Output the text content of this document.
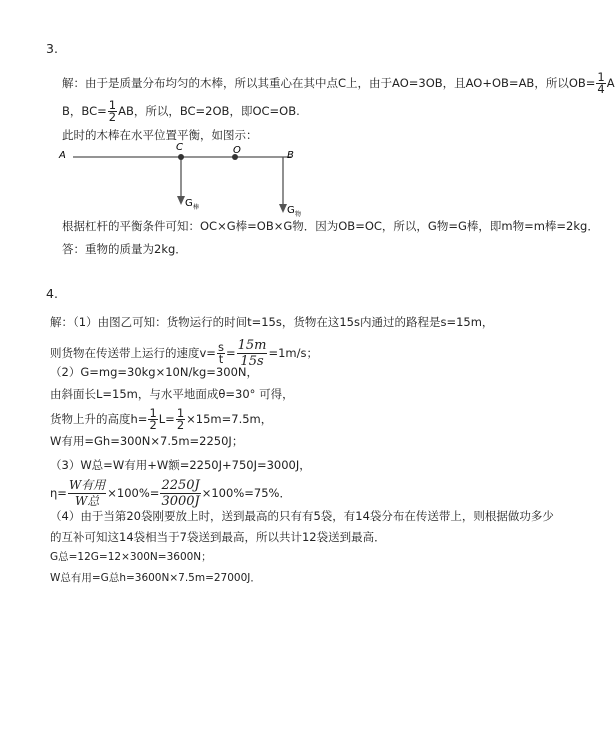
3.
解：由于是质量分布均匀的木棒，所以其重心在其中点C上，由于AO=3OB，且AO+OB=AB，所以$OB= \frac{1}{4}$ A
B，$BC= \frac{1}{2}$ AB，所以，BC=2OB，即OC=OB.
此时的木棒在水平位置平衡，如图示：
A
C	O	B
G 棒	G 物
根据杠杆的平衡条件可知：OC×G棒=OB×G物．因为OB=OC，所以，G物=G棒，即m物=m棒=2kg．
答：重物的质量为2kg．
4.
解：（1）由图乙可知：货物运行的时间t=15s，货物在这15s内通过的路程是s=15m，
则货物在传送带上运行的速度$v= \frac{s}{t} = \frac{15m}{15s} =1m/s$；
（2）G=mg=30kg×10N/kg=300N，
由斜面长L=15m，与水平地面成θ=30° 可得，
货物上升的高度$h= \frac{1}{2} L= \frac{1}{2} \times 15m=7.5m$，
W有用=Gh=300N×7.5m=2250J；
（3）W总=W有用+W额=2250J+750J=3000J，
$\eta= \frac{\text{W有用}}{\text{W总}} \times 100\%= \frac{2250J}{3000J} \times 100\%=75\%$．
（4）由于当第20袋刚要放上时，送到最高的只有有5袋，有14袋分布在传送带上，则根据做功多少
的互补可知这14袋相当于7袋送到最高，所以共计12袋送到最高．
G总=12G=12×300N=3600N；
W总有用=G总h=3600N×7.5m=27000J．
